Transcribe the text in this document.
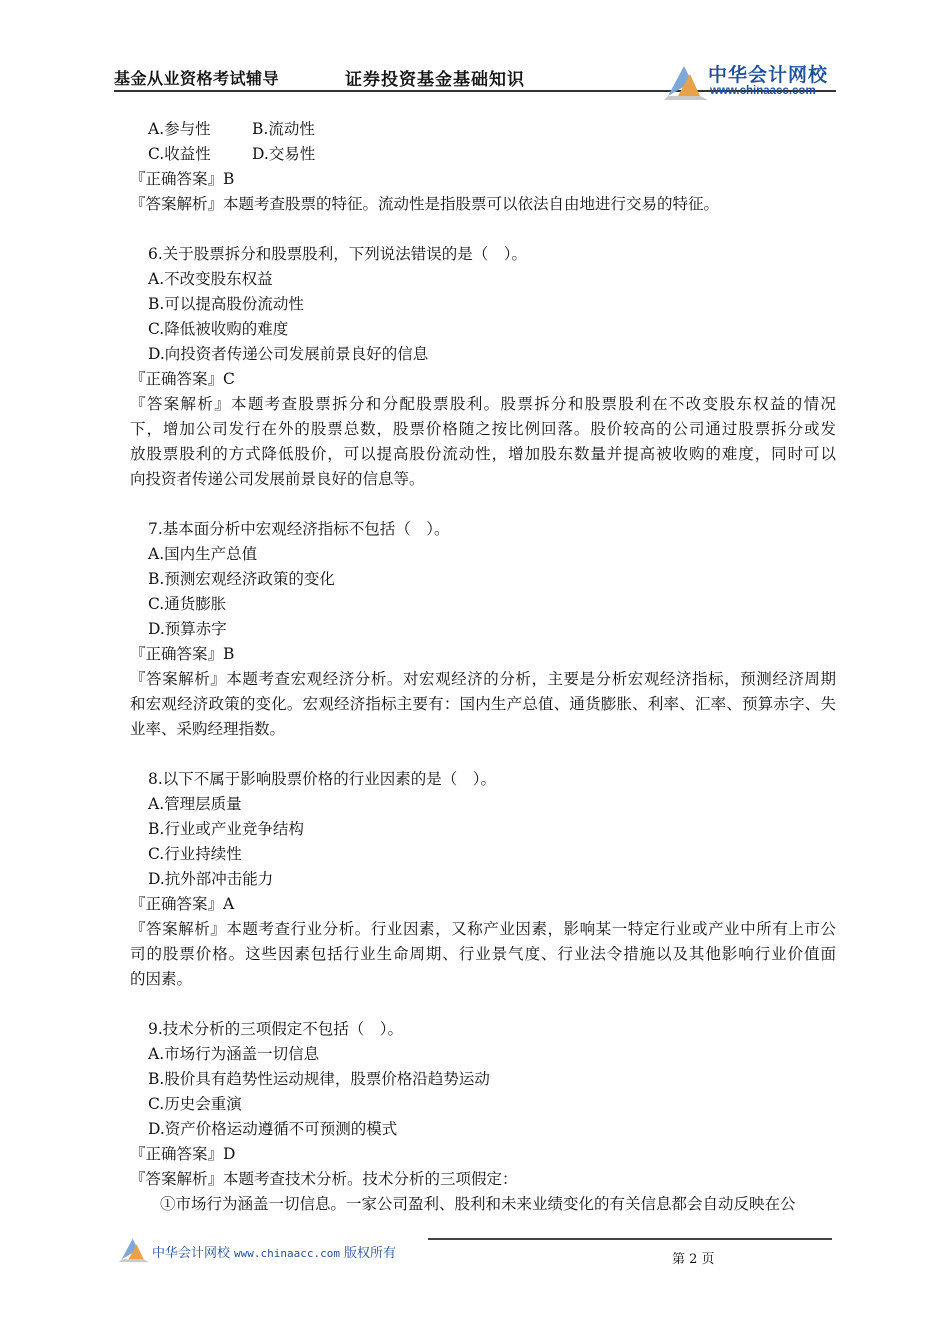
基金从业资格考试辅导	证券投资基金基础知识	中华会计网校
www.chinaacc.com
A.参与性	B.流动性
C.收益性	D.交易性
『正确答案』B
『答案解析』本题考查股票的特征。流动性是指股票可以依法自由地进行交易的特征。
6.关于股票拆分和股票股利，下列说法错误的是（　）。
A.不改变股东权益
B.可以提高股份流动性
C.降低被收购的难度
D.向投资者传递公司发展前景良好的信息
『正确答案』C
『答案解析』本题考查股票拆分和分配股票股利。股票拆分和股票股利在不改变股东权益的情况
下，增加公司发行在外的股票总数，股票价格随之按比例回落。股价较高的公司通过股票拆分或发
放股票股利的方式降低股价，可以提高股份流动性，增加股东数量并提高被收购的难度，同时可以
向投资者传递公司发展前景良好的信息等。
7.基本面分析中宏观经济指标不包括（　）。
A.国内生产总值
B.预测宏观经济政策的变化
C.通货膨胀
D.预算赤字
『正确答案』B
『答案解析』本题考查宏观经济分析。对宏观经济的分析，主要是分析宏观经济指标，预测经济周期
和宏观经济政策的变化。宏观经济指标主要有：国内生产总值、通货膨胀、利率、汇率、预算赤字、失
业率、采购经理指数。
8.以下不属于影响股票价格的行业因素的是（　）。
A.管理层质量
B.行业或产业竞争结构
C.行业持续性
D.抗外部冲击能力
『正确答案』A
『答案解析』本题考查行业分析。行业因素，又称产业因素，影响某一特定行业或产业中所有上市公
司的股票价格。这些因素包括行业生命周期、行业景气度、行业法令措施以及其他影响行业价值面
的因素。
9.技术分析的三项假定不包括（　）。
A.市场行为涵盖一切信息
B.股价具有趋势性运动规律，股票价格沿趋势运动
C.历史会重演
D.资产价格运动遵循不可预测的模式
『正确答案』D
『答案解析』本题考查技术分析。技术分析的三项假定：
①市场行为涵盖一切信息。一家公司盈利、股利和未来业绩变化的有关信息都会自动反映在公
中华会计网校 www.chinaacc.com 版权所有	第 2 页
